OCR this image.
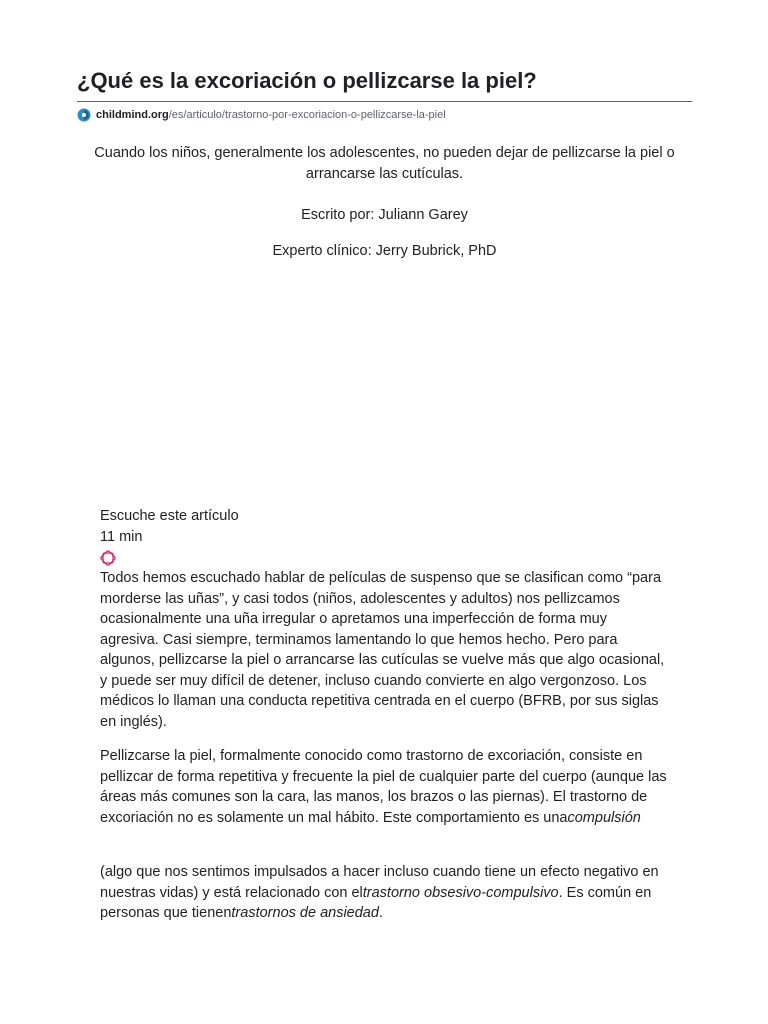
¿Qué es la excoriación o pellizcarse la piel?
childmind.org /es/articulo/trastorno-por-excoriacion-o-pellizcarse-la-piel
Cuando los niños, generalmente los adolescentes, no pueden dejar de pellizcarse la piel o arrancarse las cutículas.
Escrito por: Juliann Garey
Experto clínico: Jerry Bubrick, PhD
Escuche este artículo
11 min
Todos hemos escuchado hablar de películas de suspenso que se clasifican como “para morderse las uñas”, y casi todos (niños, adolescentes y adultos) nos pellizcamos ocasionalmente una uña irregular o apretamos una imperfección de forma muy agresiva. Casi siempre, terminamos lamentando lo que hemos hecho. Pero para algunos, pellizcarse la piel o arrancarse las cutículas se vuelve más que algo ocasional, y puede ser muy difícil de detener, incluso cuando convierte en algo vergonzoso. Los médicos lo llaman una conducta repetitiva centrada en el cuerpo (BFRB, por sus siglas en inglés).
Pellizcarse la piel, formalmente conocido como trastorno de excoriación, consiste en pellizcar de forma repetitiva y frecuente la piel de cualquier parte del cuerpo (aunque las áreas más comunes son la cara, las manos, los brazos o las piernas). El trastorno de excoriación no es solamente un mal hábito. Este comportamiento es unacompulsión
(algo que nos sentimos impulsados a hacer incluso cuando tiene un efecto negativo en nuestras vidas) y está relacionado con eltrastorno obsesivo-compulsivo. Es común en personas que tienentrastornos de ansiedad.
